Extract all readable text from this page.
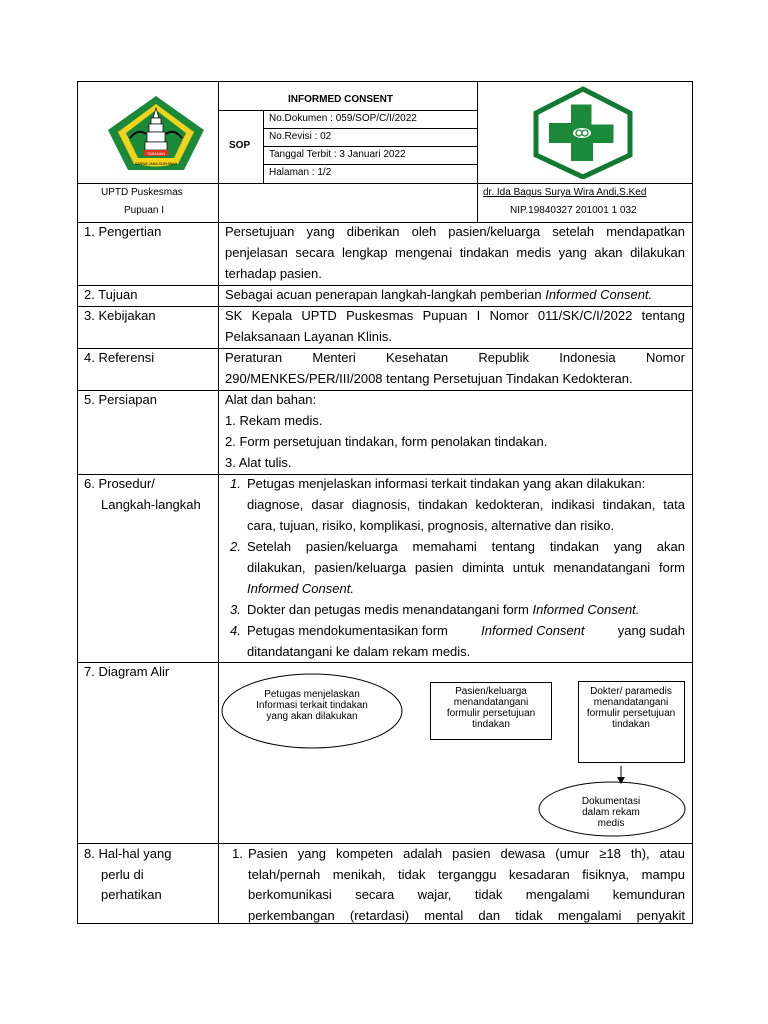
TABANAN
SARWA JANA SUKHINAH
INFORMED CONSENT
SOP
No.Dokumen : 059/SOP/C/I/2022
No.Revisi : 02
Tanggal Terbit : 3 Januari 2022
Halaman : 1/2
UPTD Puskesmas
Pupuan I
dr. Ida Bagus Surya Wira Andi,S.Ked
NIP.19840327 201001 1 032
1. Pengertian	Persetujuan yang diberikan oleh pasien/keluarga setelah mendapatkan
penjelasan secara lengkap mengenai tindakan medis yang akan dilakukan
terhadap pasien.
2. Tujuan	Sebagai acuan penerapan langkah-langkah pemberian Informed Consent.
3. Kebijakan	SK Kepala UPTD Puskesmas Pupuan I Nomor 011/SK/C/I/2022 tentang
Pelaksanaan Layanan Klinis.
4. Referensi	Peraturan Menteri Kesehatan Republik Indonesia Nomor
290/MENKES/PER/III/2008 tentang Persetujuan Tindakan Kedokteran.
5. Persiapan	Alat dan bahan:
1. Rekam medis.
2. Form persetujuan tindakan, form penolakan tindakan.
3. Alat tulis.
6. Prosedur/
Langkah-langkah
1. Petugas menjelaskan informasi terkait tindakan yang akan dilakukan:
diagnose, dasar diagnosis, tindakan kedokteran, indikasi tindakan, tata
cara, tujuan, risiko, komplikasi, prognosis, alternative dan risiko.
2. Setelah pasien/keluarga memahami tentang tindakan yang akan
dilakukan, pasien/keluarga pasien diminta untuk menandatangani form
Informed Consent.
3. Dokter dan petugas medis menandatangani form Informed Consent.
4. Petugas mendokumentasikan form	Informed Consent	yang sudah
ditandatangani ke dalam rekam medis.
7. Diagram Alir
Petugas menjelaskan Informasi terkait tindakan yang akan dilakukan
Pasien/keluarga menandatangani formulir persetujuan tindakan
Dokter/ paramedis menandatangani formulir persetujuan tindakan
Dokumentasi dalam rekam medis
8. Hal-hal yang
perlu di
perhatikan
1. Pasien yang kompeten adalah pasien dewasa (umur ≥18 th), atau
telah/pernah menikah, tidak terganggu kesadaran fisiknya, mampu
berkomunikasi secara wajar, tidak mengalami kemunduran
perkembangan (retardasi) mental dan tidak mengalami penyakit
